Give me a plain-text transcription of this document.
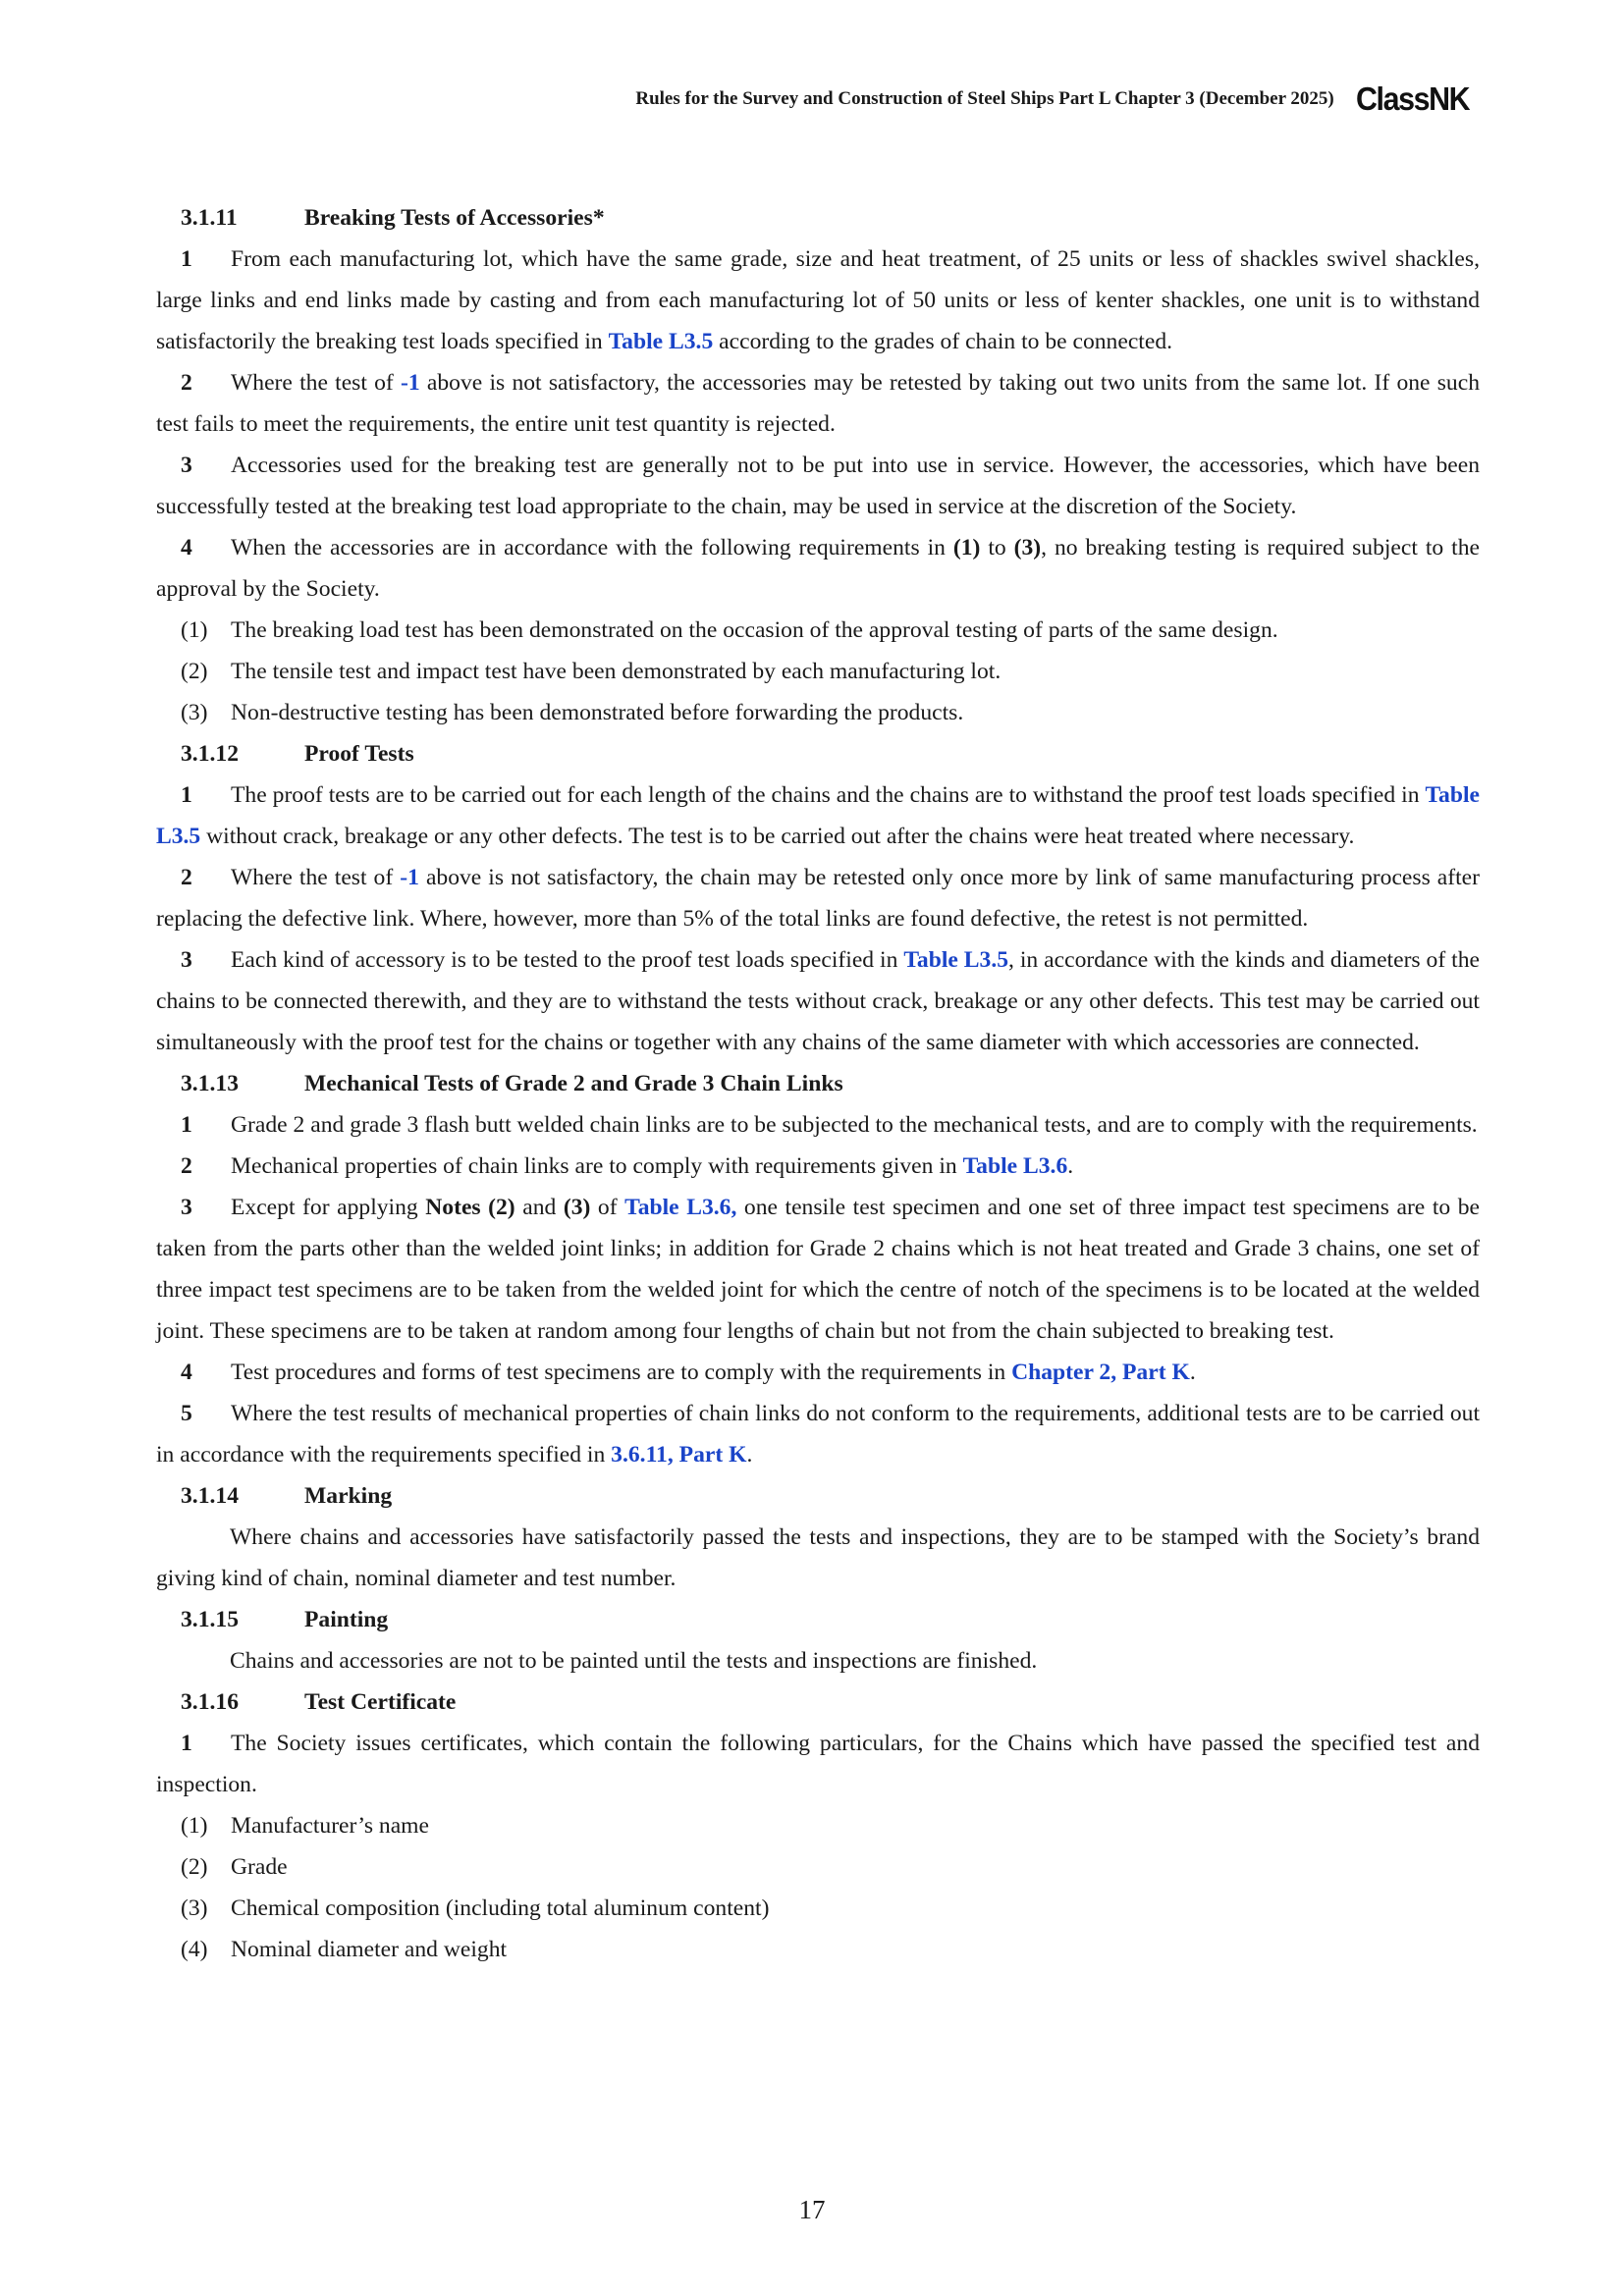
Rules for the Survey and Construction of Steel Ships Part L Chapter 3 (December 2025) ClassNK
3.1.11	Breaking Tests of Accessories*

1 From each manufacturing lot, which have the same grade, size and heat treatment, of 25 units or less of shackles swivel shackles, large links and end links made by casting and from each manufacturing lot of 50 units or less of kenter shackles, one unit is to withstand satisfactorily the breaking test loads specified in Table L3.5 according to the grades of chain to be connected.

2 Where the test of -1 above is not satisfactory, the accessories may be retested by taking out two units from the same lot. If one such test fails to meet the requirements, the entire unit test quantity is rejected.

3 Accessories used for the breaking test are generally not to be put into use in service. However, the accessories, which have been successfully tested at the breaking test load appropriate to the chain, may be used in service at the discretion of the Society.

4 When the accessories are in accordance with the following requirements in (1) to (3), no breaking testing is required subject to the approval by the Society.

(1) The breaking load test has been demonstrated on the occasion of the approval testing of parts of the same design.
(2) The tensile test and impact test have been demonstrated by each manufacturing lot.
(3) Non-destructive testing has been demonstrated before forwarding the products.
3.1.12	Proof Tests

1 The proof tests are to be carried out for each length of the chains and the chains are to withstand the proof test loads specified in Table L3.5 without crack, breakage or any other defects. The test is to be carried out after the chains were heat treated where necessary.

2 Where the test of -1 above is not satisfactory, the chain may be retested only once more by link of same manufacturing process after replacing the defective link. Where, however, more than 5% of the total links are found defective, the retest is not permitted.

3 Each kind of accessory is to be tested to the proof test loads specified in Table L3.5, in accordance with the kinds and diameters of the chains to be connected therewith, and they are to withstand the tests without crack, breakage or any other defects. This test may be carried out simultaneously with the proof test for the chains or together with any chains of the same diameter with which accessories are connected.

3.1.13	Mechanical Tests of Grade 2 and Grade 3 Chain Links

1 Grade 2 and grade 3 flash butt welded chain links are to be subjected to the mechanical tests, and are to comply with the requirements.

2 Mechanical properties of chain links are to comply with requirements given in Table L3.6.

3 Except for applying Notes (2) and (3) of Table L3.6, one tensile test specimen and one set of three impact test specimens are to be taken from the parts other than the welded joint links; in addition for Grade 2 chains which is not heat treated and Grade 3 chains, one set of three impact test specimens are to be taken from the welded joint for which the centre of notch of the specimens is to be located at the welded joint. These specimens are to be taken at random among four lengths of chain but not from the chain subjected to breaking test.

4 Test procedures and forms of test specimens are to comply with the requirements in Chapter 2, Part K.

5 Where the test results of mechanical properties of chain links do not conform to the requirements, additional tests are to be carried out in accordance with the requirements specified in 3.6.11, Part K.

3.1.14	Marking

Where chains and accessories have satisfactorily passed the tests and inspections, they are to be stamped with the Society’s brand giving kind of chain, nominal diameter and test number.

3.1.15	Painting

Chains and accessories are not to be painted until the tests and inspections are finished.

3.1.16	Test Certificate

1 The Society issues certificates, which contain the following particulars, for the Chains which have passed the specified test and inspection.

(1) Manufacturer’s name
(2) Grade
(3) Chemical composition (including total aluminum content)
(4) Nominal diameter and weight
17
